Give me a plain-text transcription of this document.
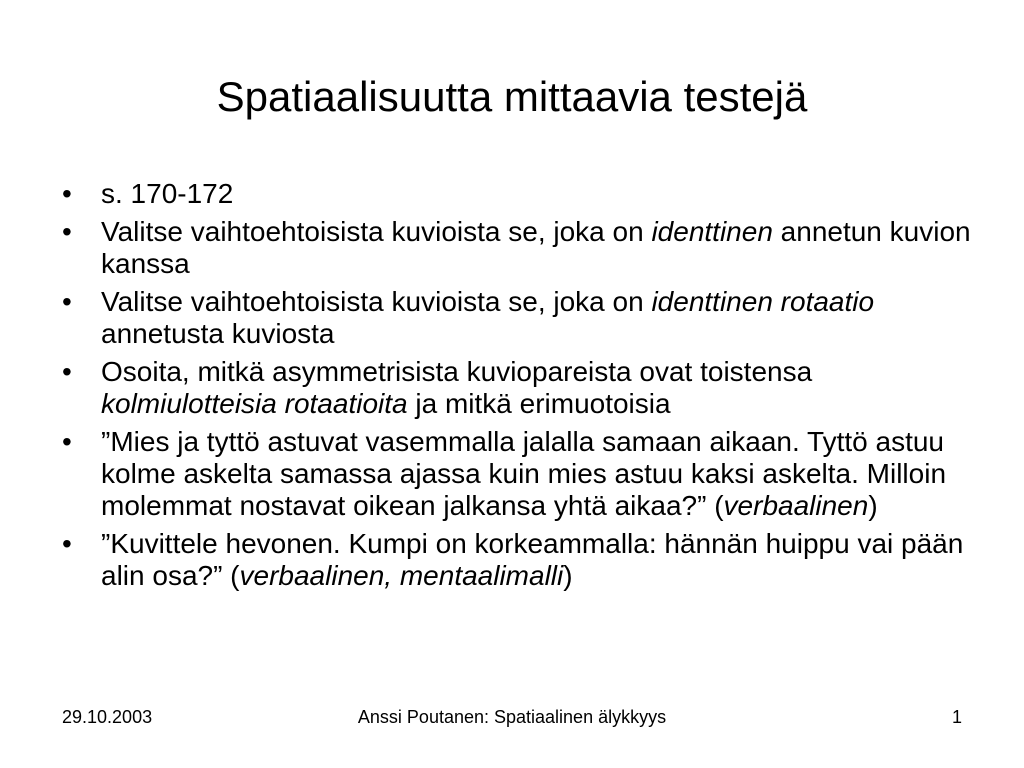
Spatiaalisuutta mittaavia testejä
•	s. 170-172
•	Valitse vaihtoehtoisista kuvioista se, joka on identtinen annetun kuvion kanssa
•	Valitse vaihtoehtoisista kuvioista se, joka on identtinen rotaatio annetusta kuviosta
•	Osoita, mitkä asymmetrisista kuviopareista ovat toistensa kolmiulotteisia rotaatioita ja mitkä erimuotoisia
•	”Mies ja tyttö astuvat vasemmalla jalalla samaan aikaan. Tyttö astuu kolme askelta samassa ajassa kuin mies astuu kaksi askelta. Milloin molemmat nostavat oikean jalkansa yhtä aikaa?” (verbaalinen)
•	”Kuvittele hevonen. Kumpi on korkeammalla: hännän huippu vai pään alin osa?” (verbaalinen, mentaalimalli)
29.10.2003	Anssi Poutanen: Spatiaalinen älykkyys	1
